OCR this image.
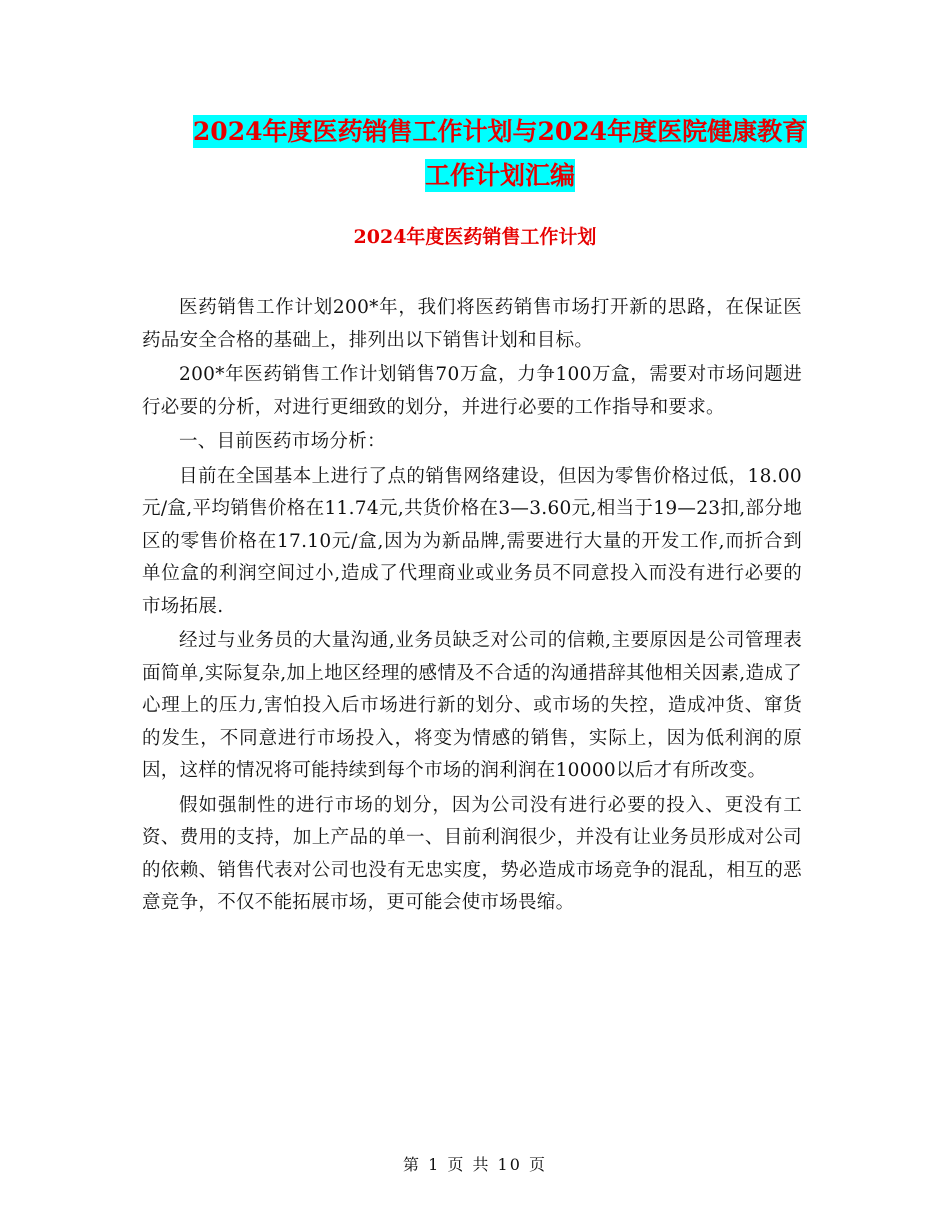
2024年度医药销售工作计划与2024年度医院健康教育
工作计划汇编
2024年度医药销售工作计划

医药销售工作计划200*年，我们将医药销售市场打开新的思路，在保证医药品安全合格的基础上，排列出以下销售计划和目标。

200*年医药销售工作计划销售70万盒，力争100万盒，需要对市场问题进行必要的分析，对进行更细致的划分，并进行必要的工作指导和要求。

一、目前医药市场分析：

目前在全国基本上进行了点的销售网络建设，但因为零售价格过低，18.00元/盒,平均销售价格在11.74元,共货价格在3—3.60元,相当于19—23扣,部分地区的零售价格在17.10元/盒,因为为新品牌,需要进行大量的开发工作,而折合到单位盒的利润空间过小,造成了代理商业或业务员不同意投入而没有进行必要的市场拓展.

经过与业务员的大量沟通,业务员缺乏对公司的信赖,主要原因是公司管理表面简单,实际复杂,加上地区经理的感情及不合适的沟通措辞其他相关因素,造成了心理上的压力,害怕投入后市场进行新的划分、或市场的失控，造成冲货、窜货的发生，不同意进行市场投入，将变为情感的销售，实际上，因为低利润的原因，这样的情况将可能持续到每个市场的润利润在10000以后才有所改变。

假如强制性的进行市场的划分，因为公司没有进行必要的投入、更没有工资、费用的支持，加上产品的单一、目前利润很少，并没有让业务员形成对公司的依赖、销售代表对公司也没有无忠实度，势必造成市场竞争的混乱，相互的恶意竞争，不仅不能拓展市场，更可能会使市场畏缩。

第 1 页 共 10 页
